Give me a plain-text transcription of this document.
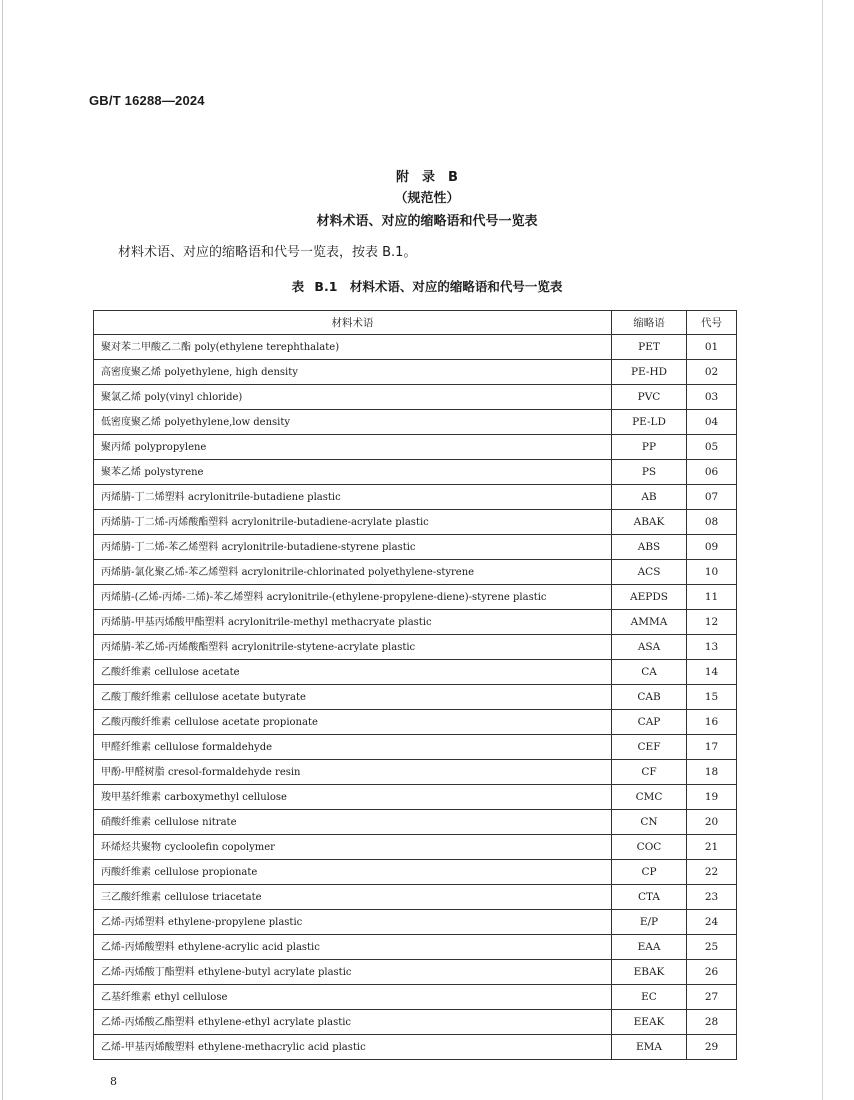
GB/T 16288—2024
附　录　B
（规范性）
材料术语、对应的缩略语和代号一览表
材料术语、对应的缩略语和代号一览表，按表 B.1。
表 B.1　材料术语、对应的缩略语和代号一览表
材料术语	缩略语	代号
聚对苯二甲酸乙二酯 poly(ethylene terephthalate)	PET	01
高密度聚乙烯 polyethylene, high density	PE-HD	02
聚氯乙烯 poly(vinyl chloride)	PVC	03
低密度聚乙烯 polyethylene,low density	PE-LD	04
聚丙烯 polypropylene	PP	05
聚苯乙烯 polystyrene	PS	06
丙烯腈-丁二烯塑料 acrylonitrile-butadiene plastic	AB	07
丙烯腈-丁二烯-丙烯酸酯塑料 acrylonitrile-butadiene-acrylate plastic	ABAK	08
丙烯腈-丁二烯-苯乙烯塑料 acrylonitrile-butadiene-styrene plastic	ABS	09
丙烯腈-氯化聚乙烯-苯乙烯塑料 acrylonitrile-chlorinated polyethylene-styrene	ACS	10
丙烯腈-(乙烯-丙烯-二烯)-苯乙烯塑料 acrylonitrile-(ethylene-propylene-diene)-styrene plastic	AEPDS	11
丙烯腈-甲基丙烯酸甲酯塑料 acrylonitrile-methyl methacryate plastic	AMMA	12
丙烯腈-苯乙烯-丙烯酸酯塑料 acrylonitrile-stytene-acrylate plastic	ASA	13
乙酸纤维素 cellulose acetate	CA	14
乙酸丁酸纤维素 cellulose acetate butyrate	CAB	15
乙酸丙酸纤维素 cellulose acetate propionate	CAP	16
甲醛纤维素 cellulose formaldehyde	CEF	17
甲酚-甲醛树脂 cresol-formaldehyde resin	CF	18
羧甲基纤维素 carboxymethyl cellulose	CMC	19
硝酸纤维素 cellulose nitrate	CN	20
环烯烃共聚物 cycloolefin copolymer	COC	21
丙酸纤维素 cellulose propionate	CP	22
三乙酸纤维素 cellulose triacetate	CTA	23
乙烯-丙烯塑料 ethylene-propylene plastic	E/P	24
乙烯-丙烯酸塑料 ethylene-acrylic acid plastic	EAA	25
乙烯-丙烯酸丁酯塑料 ethylene-butyl acrylate plastic	EBAK	26
乙基纤维素 ethyl cellulose	EC	27
乙烯-丙烯酸乙酯塑料 ethylene-ethyl acrylate plastic	EEAK	28
乙烯-甲基丙烯酸塑料 ethylene-methacrylic acid plastic	EMA	29
8
